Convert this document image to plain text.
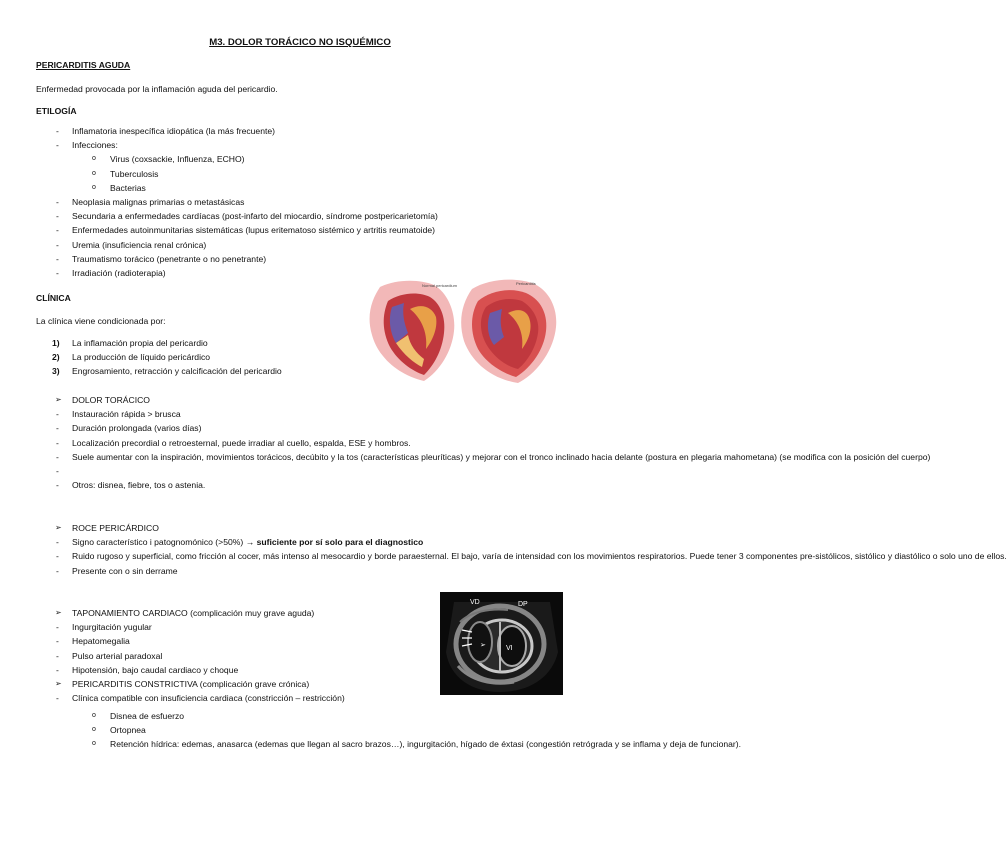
M3. DOLOR TORÁCICO NO ISQUÉMICO
PERICARDITIS AGUDA
Enfermedad provocada por la inflamación aguda del pericardio.
ETILOGÍA
- Inflamatoria inespecífica idiopática (la más frecuente)
- Infecciones:
o Virus (coxsackie, Influenza, ECHO)
o Tuberculosis
o Bacterias
- Neoplasia malignas primarias o metastásicas
- Secundaria a enfermedades cardíacas (post-infarto del miocardio, síndrome postpericarietomía)
- Enfermedades autoinmunitarias sistemáticas (lupus eritematoso sistémico y artritis reumatoide)
- Uremia (insuficiencia renal crónica)
- Traumatismo torácico (penetrante o no penetrante)
- Irradiación (radioterapia)
CLÍNICA
La clínica viene condicionada por:
1) La inflamación propia del pericardio
2) La producción de líquido pericárdico
3) Engrosamiento, retracción y calcificación del pericardio
➢ DOLOR TORÁCICO
- Instauración rápida > brusca
- Duración prolongada (varios días)
- Localización precordial o retroesternal, puede irradiar al cuello, espalda, ESE y hombros.
- Suele aumentar con la inspiración, movimientos torácicos, decúbito y la tos (características pleuríticas) y mejorar con el tronco inclinado hacia delante (postura en plegaria mahometana) (se modifica con la posición del cuerpo)
-
- Otros: disnea, fiebre, tos o astenia.
➢ ROCE PERICÁRDICO
- Signo característico i patognomónico (>50%) → suficiente por sí solo para el diagnostico
- Ruido rugoso y superficial, como fricción al cocer, más intenso al mesocardio y borde paraesternal. El bajo, varía de intensidad con los movimientos respiratorios. Puede tener 3 componentes pre-sistólicos, sistólico y diastólico o solo uno de ellos.
- Presente con o sin derrame
➢ TAPONAMIENTO CARDIACO (complicación muy grave aguda)
- Ingurgitación yugular
- Hepatomegalia
- Pulso arterial paradoxal
- Hipotensión, bajo caudal cardiaco y choque
➢ PERICARDITIS CONSTRICTIVA (complicación grave crónica)
- Clínica compatible con insuficiencia cardiaca (constricción – restricción)
o Disnea de esfuerzo
o Ortopnea
o Retención hídrica: edemas, anasarca (edemas que llegan al sacro brazos…), ingurgitación, hígado de éxtasi (congestión retrógrada y se inflama y deja de funcionar).
Normal pericardium	Pericarditis
➢
VD	DP
VI
